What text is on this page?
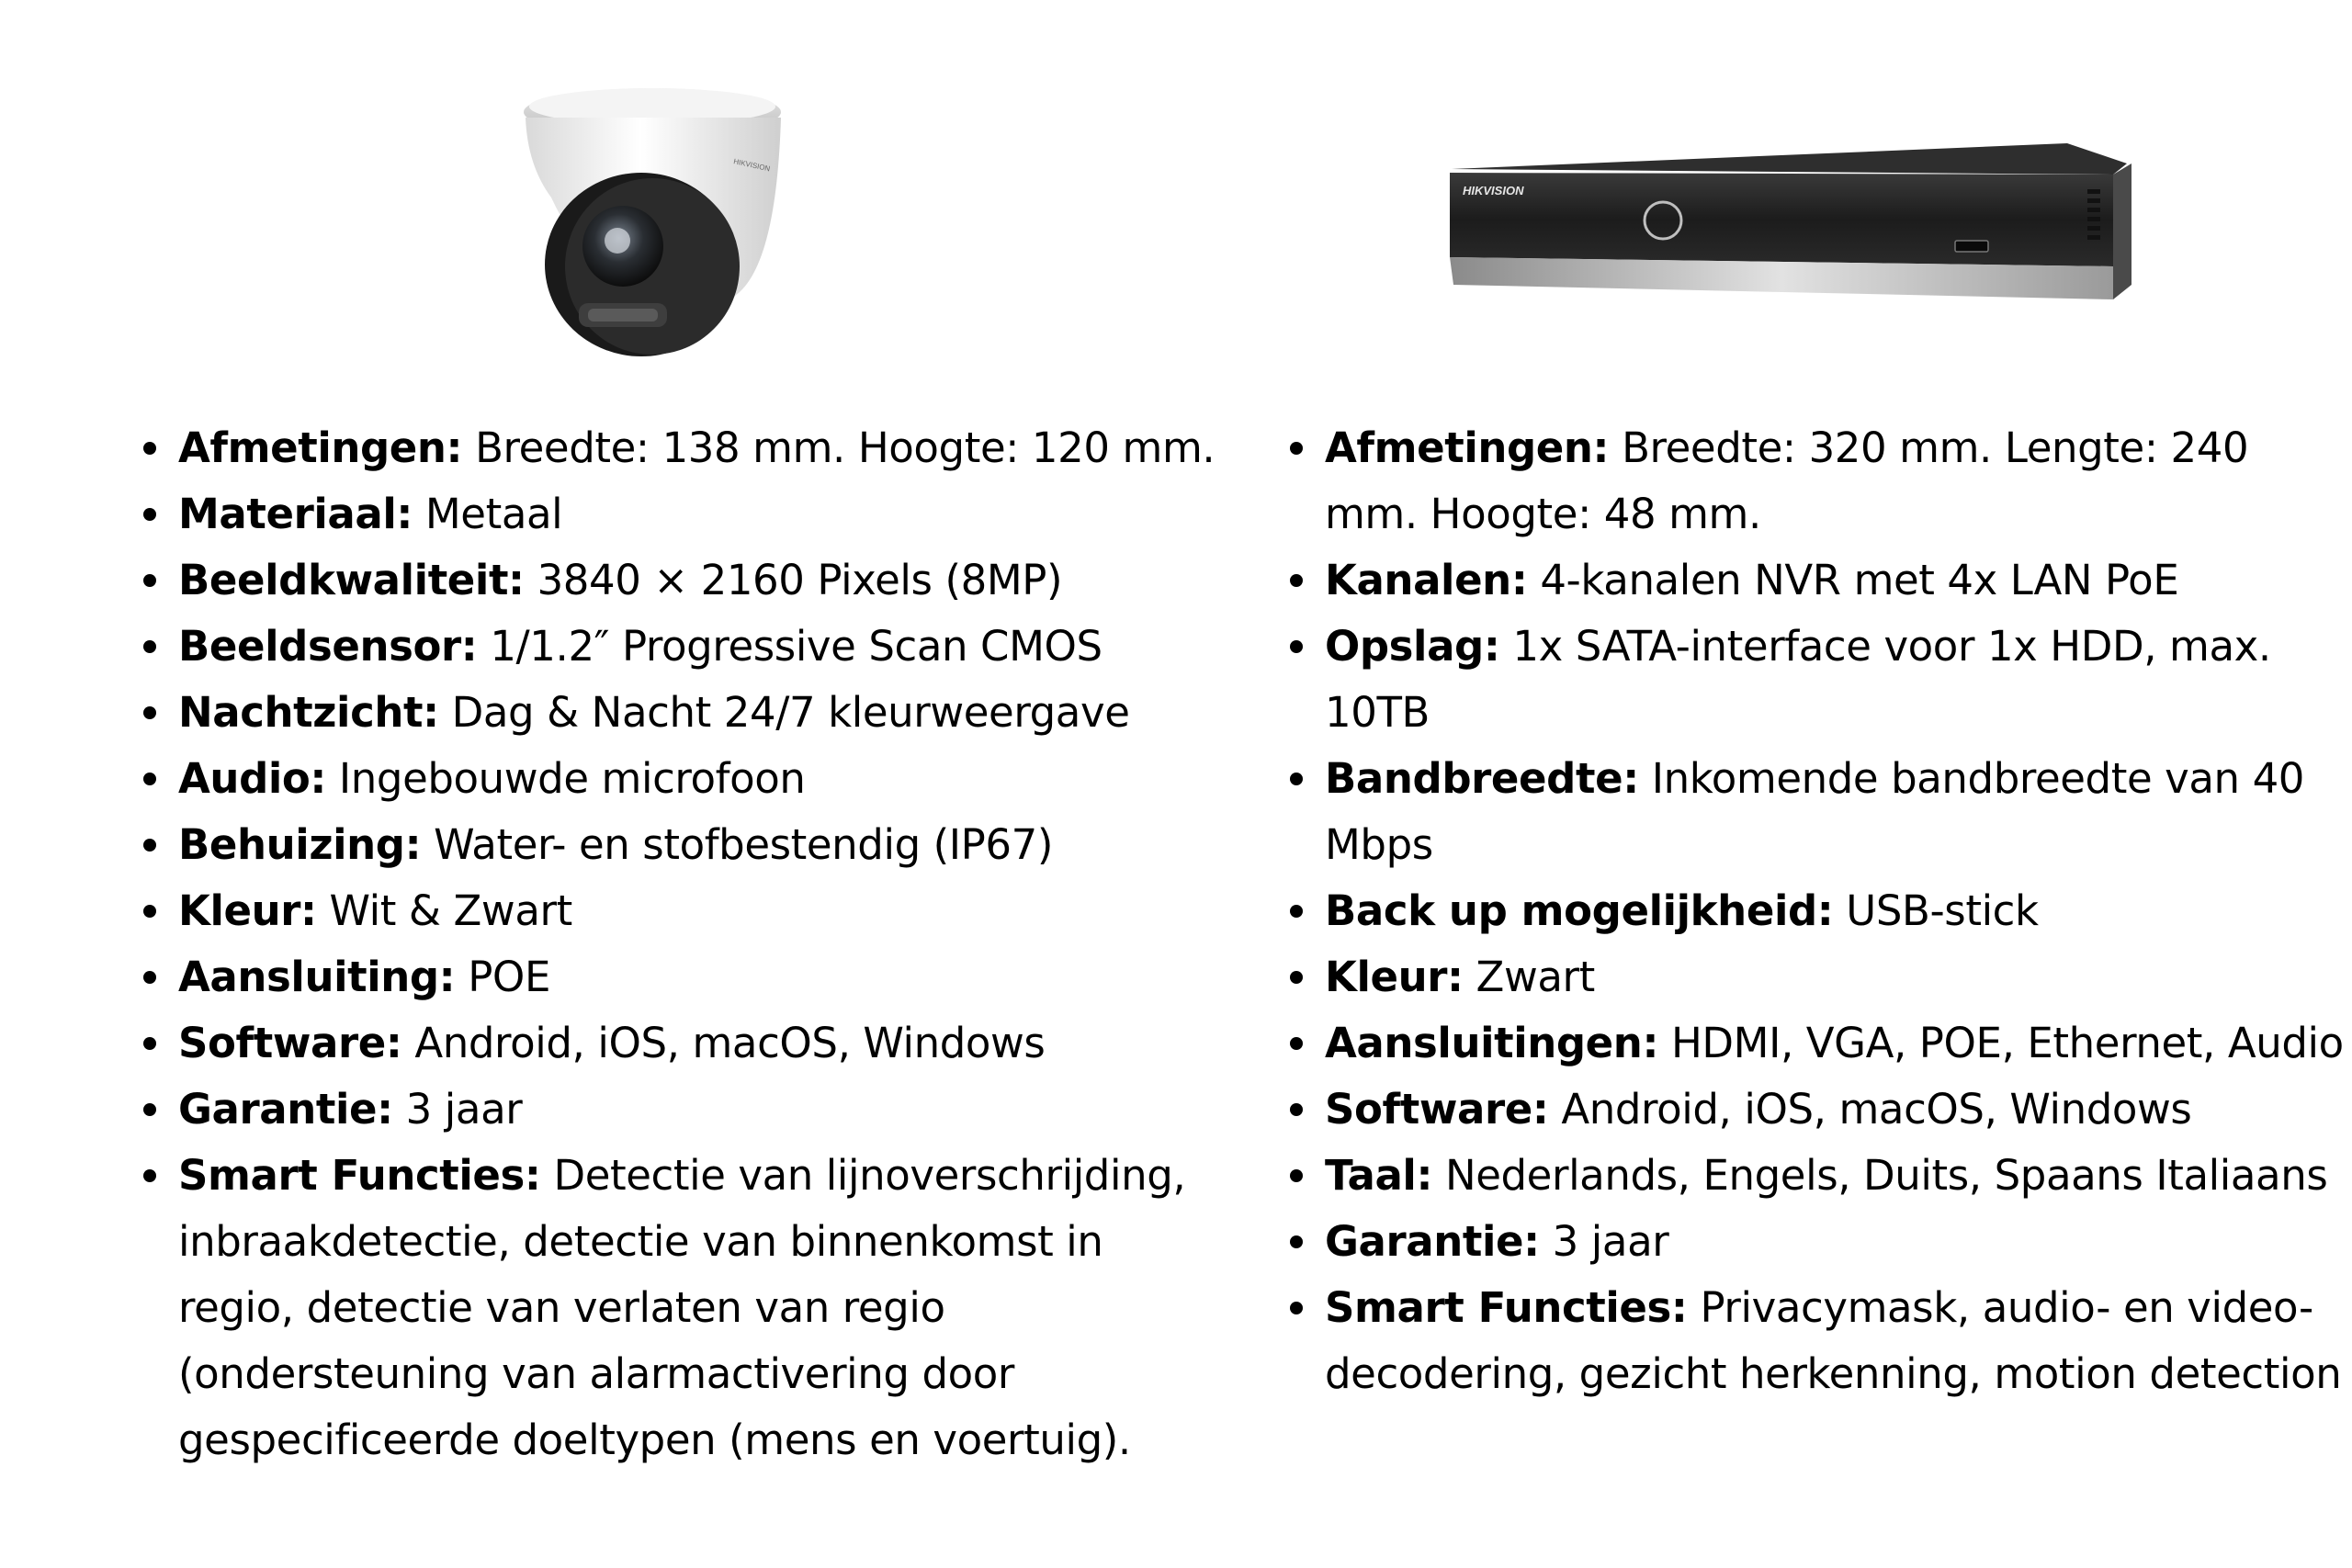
HIKVISION
HIKVISION
Afmetingen: Breedte: 138 mm. Hoogte: 120 mm.
Materiaal: Metaal
Beeldkwaliteit: 3840 × 2160 Pixels (8MP)
Beeldsensor: 1/1.2″ Progressive Scan CMOS
Nachtzicht: Dag & Nacht 24/7 kleurweergave
Audio: Ingebouwde microfoon
Behuizing: Water- en stofbestendig (IP67)
Kleur: Wit & Zwart
Aansluiting: POE
Software: Android, iOS, macOS, Windows
Garantie: 3 jaar
Smart Functies: Detectie van lijnoverschrijding, inbraakdetectie, detectie van binnenkomst in regio, detectie van verlaten van regio (ondersteuning van alarmactivering door gespecificeerde doeltypen (mens en voertuig).
Afmetingen: Breedte: 320 mm. Lengte: 240 mm. Hoogte: 48 mm.
Kanalen: 4-kanalen NVR met 4x LAN PoE
Opslag: 1x SATA-interface voor 1x HDD, max. 10TB
Bandbreedte: Inkomende bandbreedte van 40 Mbps
Back up mogelijkheid: USB-stick
Kleur: Zwart
Aansluitingen: HDMI, VGA, POE, Ethernet, Audio
Software: Android, iOS, macOS, Windows
Taal: Nederlands, Engels, Duits, Spaans Italiaans
Garantie: 3 jaar
Smart Functies: Privacymask, audio- en video-decodering, gezicht herkenning, motion detection
